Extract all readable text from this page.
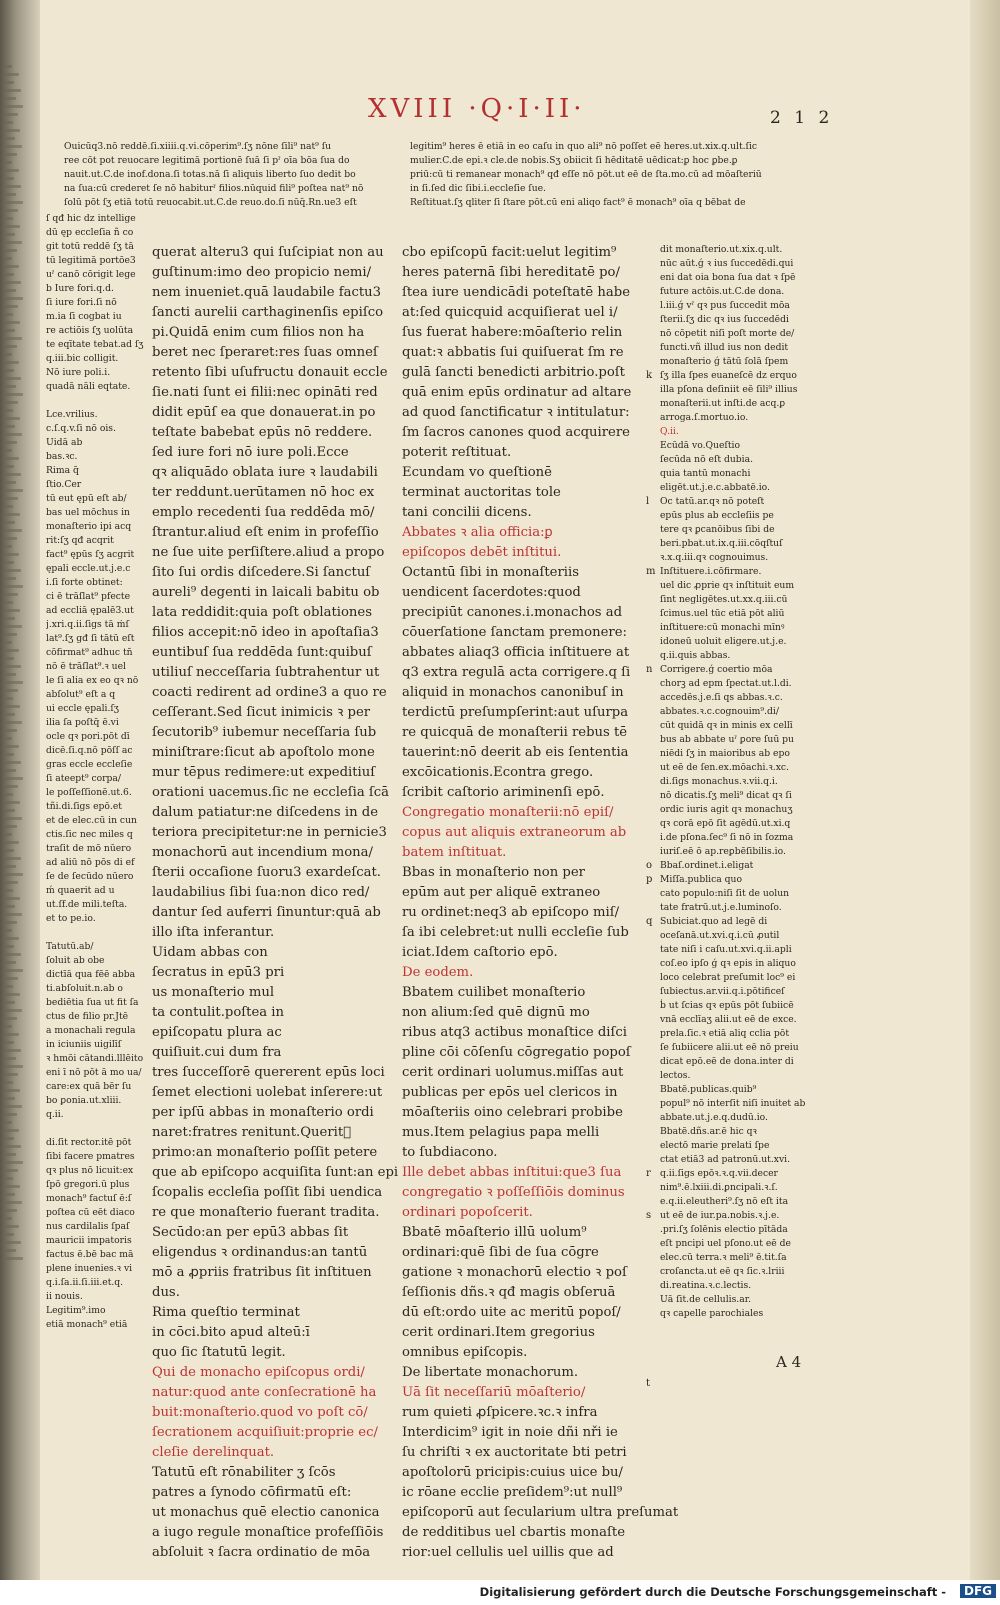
XVIII ·Q·I·II·	2 1 2
Ouicūq3.nō reddē.ſi.xiiii.q.vi.cōperim⁹.ſʒ nōne ſili⁹ nat⁹ ſu
ree cōt pot reuocare legitimā portionē ſuā ſi pˀ oīa bōa ſua do
nauit.ut.C.de inof.dona.ſi totas.nā ſi aliquis liberto ſuo dedit bo
na ſua:cū crederet ſe nō habiturˀ filios.nūquid fili⁹ poſtea nat⁹ nō
ſolū pōt ſʒ etiā totū reuocabit.ut.C.de reuo.do.ſi nūq̄.Rn.ue3 eſt
legitim⁹ heres ē etiā in eo caſu in quo ali⁹ nō poſſet eē heres.ut.xix.q.ult.ſic
mulier.C.de epi.ꝛ cle.de nobis.Sʒ obiicit ſi hēditatē uēdicat:ꝑ hoc ꝑbe.ꝑ
priū:cū ti remanear monach⁹ qđ eſſe nō pōt.ut eē de ſta.mo.cū ad mōaſteriū
in ſi.ſed dic ſibi.i.eccleſie ſue.
Reſtituat.ſʒ qliter ſi ſtare pōt.cū eni aliqo fact⁹ ē monach⁹ oīa q bēbat de
ſ qđ hic dz intellige
dū ęp eccleſia ñ co
git totū reddē ſʒ tā
tū legitimā portōe3
uˀ canō cōrigit lege
b Iure fori.q.d.
ſi iure fori.ſi nō
m.ia ſi cogbat iu
re actiōis ſʒ uolūta
te eqītate tebat.ad ſʒ
q.iii.bic colligit.
Nō iure poli.i.
quadā nāli eqtate.
Lce.vrilius.
c.ſ.q.v.ſi nō ois.
Uidā ab
bas.ꝛc.
Rima q̄
ſtio.Cer
tū eut ępū eſt ab/
bas uel mōchus in
monaſterio ipi acq
rit:ſʒ qđ acqrit
fact⁹ ępūs ſʒ acgrit
ępali eccle.ut.j.e.c
i.ſi forte obtinet:
ci ē trāſlat⁹ pfecte
ad eccliā ępalē3.ut
j.xri.q.ii.ſigs tā ṁſ
lat⁹.ſʒ gđ ſi tātū eſt
cōfirmat⁹ adhuc tn̄
nō ē trāſlat⁹.ꝛ uel
le ſi alia ex eo qꝛ nō
abſolut⁹ eſt a q
ui eccle ępali.ſʒ
ilia ſa poſtq̄ ē.vi
ocle qꝛ pori.pōt dī
dicē.ſi.q.nō pōſſ ac
gras eccle eccleſie
ſi ateept⁹ corpa/
le poſſeſſionē.ut.6.
tñi.di.ſigs epō.et
et de elec.cū in cun
ctis.ſic nec miles q
traſit de mō nūero
ad aliū nō pōs di ef
ſe de ſecūdo nūero
ḿ quaerit ad u
ut.ſf.de mili.teſta.
et to pe.io.
Tatutū.ab/
ſoluit ab obe
dictīā qua fēē abba
ti.abſoluit.n.ab o
bediētia ſua ut fit ſa
ctus de filio pr.Jtē
a monachali regula
in iciuniis uigilīſ
ꝛ hmōi cātandi.lllēito
eni ī nō pōt ā mo ua/
care:ex quā bēr ſu
bo ꝑonia.ut.xliii.
q.ii.
di.ſit rector.itē pōt
ſibi facere pmatres
qꝛ plus nō licuit:ex
ſpō gregori.ū plus
monach⁹ factuſ ē:ſ
poſtea cū eēt diaco
nus cardilalis ſpaſ
mauricii impatoris
factus ē.bē bac mā
plene inuenies.ꝛ vi
q.i.ſa.ii.ſi.iii.et.q.
ii nouis.
Legitim⁹.imo
etiā monach⁹ etiā
querat alteru3 qui ſuſcipiat non au
guſtinum:imo deo propicio nemi/
nem inueniet.quā laudabile factu3
ſancti aurelii carthaginenſis epiſco
pi.Quidā enim cum filios non ha
beret nec ſperaret:res ſuas omneſ
retento ſibi uſufructu donauit eccle
ſie.nati ſunt ei filii:nec opināti red
didit epūſ ea que donauerat.in po
teſtate babebat epūs nō reddere.
ſed iure fori nō iure poli.Ecce
qꝛ aliquādo oblata iure ꝛ laudabili
ter reddunt.uerūtamen nō hoc ex
emplo recedenti ſua reddēda mō/
ſtrantur.aliud eſt enim in profeſſio
ne ſue uite perſiſtere.aliud a propo
ſito ſui ordis diſcedere.Si ſanctuſ
aureli⁹ degenti in laicali babitu ob
lata reddidit:quia poſt oblationes
filios accepit:nō ideo in apoſtaſia3
euntibuſ ſua reddēda ſunt:quibuſ
utiliuſ necceſſaria ſubtrahentur ut
coacti redirent ad ordine3 a quo re
ceſſerant.Sed ſicut inimicis ꝛ per
ſecutorib⁹ iubemur neceſſaria ſub
miniſtrare:ſicut ab apoſtolo mone
mur tēpus redimere:ut expeditiuſ
orationi uacemus.ſic ne eccleſia ſcā
dalum patiatur:ne diſcedens in de
teriora precipitetur:ne in pernicie3
monachorū aut incendium mona/
ſterii occaſione ſuoru3 exardeſcat.
laudabilius ſibi ſua:non dico red/
dantur ſed auferri ſinuntur:quā ab
illo iſta inferantur.
Uidam abbas con
ſecratus in epū3 pri
us monaſterio mul
ta contulit.poſtea in
epiſcopatu plura ac
quiſiuit.cui dum fra
tres ſucceſſorē quererent epūs loci
ſemet electioni uolebat inſerere:ut
per ipſū abbas in monaſterio ordi
naret:fratres renitunt.Queritᷣ
primo:an monaſterio poſſit petere
que ab epiſcopo acquiſita ſunt:an epi
ſcopalis eccleſia poſſit ſibi uendica
re que monaſterio fuerant tradita.
Secūdo:an per epū3 abbas ſit
eligendus ꝛ ordinandus:an tantū
mō a ꝓpriis fratribus ſit inſtituen
dus.
Rima queſtio terminat
in cōci.bito apud alteū:ī
quo ſic ſtatutū legit.
Qui de monacho epiſcopus ordi/
natur:quod ante conſecrationē ha
buit:monaſterio.quod vo poſt cō/
ſecrationem acquiſiuit:proprie ec/
cleſie derelinquat.
Tatutū eſt rōnabiliter ʒ ſcōs
patres a ſynodo cōfirmatū eſt:
ut monachus quē electio canonica
a iugo regule monaſtice profeſſiōis
abſoluit ꝛ ſacra ordinatio de mōa
cbo epiſcopū facit:uelut legitim⁹
heres paternā ſibi hereditatē po/
ſtea iure uendicādi poteſtatē habe
at:ſed quicquid acquiſierat uel i/
ſus fuerat habere:mōaſterio relin
quat:ꝛ abbatis ſui quiſuerat ſm re
gulā ſancti benedicti arbitrio.poſt
quā enim epūs ordinatur ad altare
ad quod ſanctificatur ꝛ intitulatur:
ſm ſacros canones quod acquirere
poterit reſtituat.
Ecundam vo queſtionē
terminat auctoritas tole
tani concilii dicens.
Abbates ꝛ alia officia:ꝑ
epiſcopos debēt inſtitui.
Octantū ſibi in monaſteriis
uendicent ſacerdotes:quod
precipiūt canones.i.monachos ad
cōuerſatione ſanctam premonere:
abbates aliaq3 officia inſtituere at
q3 extra regulā acta corrigere.q ſi
aliquid in monachos canonibuſ in
terdictū preſumpſerint:aut uſurpa
re quicquā de monaſterii rebus tē
tauerint:nō deerit ab eis ſententia
excōicationis.Econtra grego.
ſcribit caſtorio ariminenſi epō.
Congregatio monaſterii:nō epiſ/
copus aut aliquis extraneorum ab
batem inſtituat.
Bbas in monaſterio non per
epūm aut per aliquē extraneo
ru ordinet:neq3 ab epiſcopo miſ/
ſa ibi celebret:ut nulli eccleſie ſub
iciat.Idem caſtorio epō.
De eodem.
Bbatem cuilibet monaſterio
non alium:ſed quē dignū mo
ribus atq3 actibus monaſtice diſci
pline cōi cōſenſu cōgregatio popoſ
cerit ordinari uolumus.miſſas aut
publicas per epōs uel clericos in
mōaſteriis oino celebrari probibe
mus.Item pelagius papa melli
to ſubdiacono.
Ille debet abbas inſtitui:que3 ſua
congregatio ꝛ poſſeſſiōis dominus
ordinari popoſcerit.
Bbatē mōaſterio illū uolum⁹
ordinari:quē ſibi de ſua cōgre
gatione ꝛ monachorū electio ꝛ poſ
ſeſſionis dñs.ꝛ qđ magis obſeruā
dū eſt:ordo uite ac meritū popoſ/
cerit ordinari.Item gregorius
omnibus epiſcopis.
De libertate monachorum.
Uā ſit neceſſariū mōaſterio/
rum quieti ꝓſpicere.ꝛc.ꝛ infra
Interdicim⁹ igit in noie dñi nři ie
ſu chriſti ꝛ ex auctoritate bti petri
apoſtolorū pricipis:cuius uice bu/
ic rōane ecclie preſidem⁹:ut null⁹
epiſcoporū aut ſecularium ultra preſumat
de redditibus uel cbartis monaſte
rior:uel cellulis uel uillis que ad
dit monaſterio.ut.xix.q.ult.
nūc aūt.ǵ ꝛ ius ſuccedēdi.qui
eni dat oia bona ſua dat ꝛ ſpē
future actōis.ut.C.de dona.
l.iii.ǵ vˀ qꝛ pus ſuccedit mōa
ſterii.ſʒ dic qꝛ ius ſuccedēdi
nō cōpetit niſi poſt morte de/
functi.vñ illud ius non dedit
monaſterio ǵ tātū ſolā ſpem
ſʒ illa ſpes euaneſcē dz erquo
illa pſona deſiniit eē ſili⁹ illius
monaſterii.ut inſti.de acq.ꝑ
arroga.ſ.mortuo.io.
Q.ii.
Ecūdā vo.Queſtio
ſecūda nō eſt dubia.
quia tantū monachi
eligēt.ut.j.e.c.abbatē.io.
Oc tatū.ar.qꝛ nō poteſt
epūs plus ab eccleſiis pe
tere qꝛ ꝑcanōibus ſibi de
beri.pbat.ut.ix.q.iii.cōqſtuſ
ꝛ.x.q.iii.qꝛ cognouimus.
Inſtituere.i.cōfirmare.
uel dic ꝓprie qꝛ inſtituit eum
ſint negligētes.ut.xx.q.iii.cū
ſcimus.uel tūc etiā pōt aliū
inſtituere:cū monachi mīnꝰ
idoneū uoluit eligere.ut.j.e.
q.ii.quis abbas.
Corrigere.ǵ coertio mōa
chorꝫ ad epm ſpectat.ut.l.di.
accedēs.j.e.ſi qs abbas.ꝛ.c.
abbates.ꝛ.c.cognouim⁹.di/
cūt quidā qꝛ in minis ex cellī
bus ab abbate uˀ ꝑore ſuū pu
niēdi ſʒ in maioribus ab epo
ut eē de ſen.ex.mōachi.ꝛ.xc.
di.ſigs monachus.ꝛ.vii.q.i.
nō dicatis.ſʒ meli⁹ dicat qꝛ ſi
ordic iuris agit qꝛ monachuʒ
qꝛ corā epō ſit agēdū.ut.xi.q
i.de pſona.ſec⁹ ſi nō in ſozma
iuriſ.eē ō ap.reꝑbēſibilis.io.
Bbaſ.ordinet.i.eligat
Miſſa.publica quo
cato populo:niſi ſit de uolun
tate fratrū.ut.j.e.luminoſo.
Subiciat.quo ad legē di
oceſanā.ut.xvi.q.i.cū ꝓutil
tate niſi i caſu.ut.xvi.q.ii.apli
coſ.eo ipſo ǵ qꝛ epis in aliquo
loco celebrat preſumit loc⁹ ei
ſubiectus.ar.vii.q.i.pōtificeſ
ḃ ut ſcias qꝛ epūs pōt ſubiicē
vnā ecclīaʒ alii.ut eē de exce.
prela.ſic.ꝛ etiā aliq cclia pōt
ſe ſubiicere alii.ut eē nō preiu
dicat epō.eē de dona.inter di
lectos.
Bbatē.publicas.quib⁹
popul⁹ nō interſit niſi inuitet ab
abbate.ut.j.e.q.dudū.io.
Bbatē.dñs.ar.ē hic qꝛ
electō marie prelati ſpe
ctat etiā3 ad patronū.ut.xvi.
q.ii.ſigs epōꝛ.ꝛ.q.vii.decer
nim⁹.ē.lxiii.di.ꝑncipali.ꝛ.ſ.
e.q.ii.eleutheri⁹.ſʒ nō eſt ita
ut eē de iur.pa.nobis.ꝛ.j.e.
.pri.ſʒ ſolēnis electio pītāda
eſt pncipi uel pſono.ut eē de
elec.cū terra.ꝛ meli⁹ ē.tit.ſa
croſancta.ut eē qꝛ ſic.ꝛ.lriii
di.reatina.ꝛ.c.lectis.
Uā ſit.de cellulis.ar.
qꝛ capelle parochiales
k
l
m
n
o
p
q
r
s
t
A 4
Digitalisierung gefördert durch die Deutsche Forschungsgemeinschaft -	DFG
